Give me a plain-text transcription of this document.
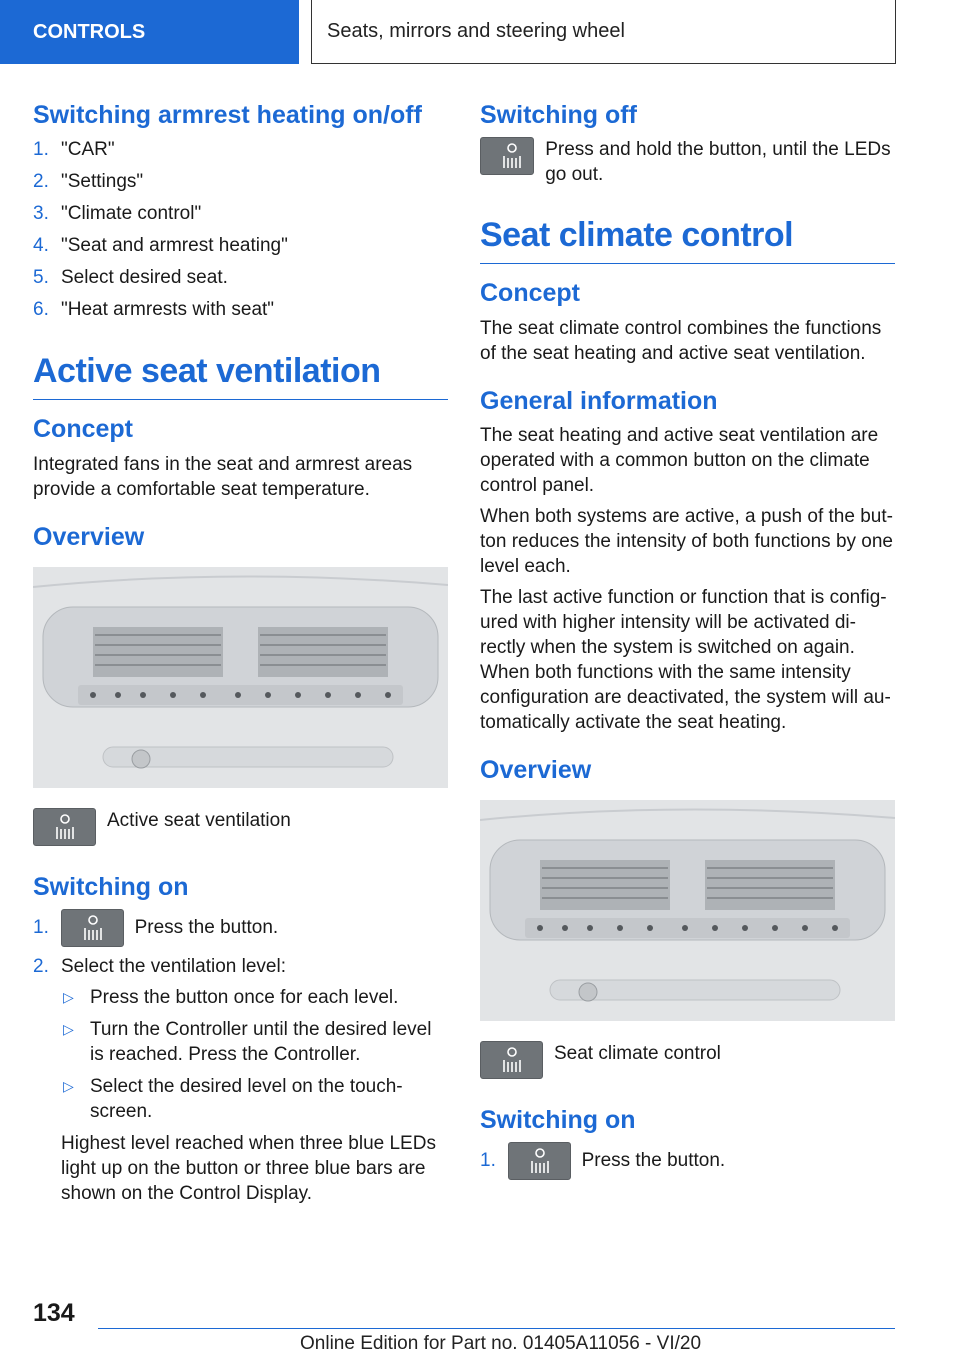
CONTROLS	Seats, mirrors and steering wheel
Switching armrest heating on/off
1. "CAR"
2. "Settings"
3. "Climate control"
4. "Seat and armrest heating"
5. Select desired seat.
6. "Heat armrests with seat"
Active seat ventilation
Concept

Integrated fans in the seat and armrest areas provide a comfortable seat temperature.

Overview
Active seat ventilation
Switching on
1.	Press the button.
2. Select the ventilation level:
▷ Press the button once for each level.
▷ Turn the Controller until the desired level is reached. Press the Controller.
▷ Select the desired level on the touch-screen.
Highest level reached when three blue LEDs light up on the button or three blue bars are shown on the Control Display.
Switching off
Press and hold the button, until the LEDs go out.
Seat climate control
Concept

The seat climate control combines the functions of the seat heating and active seat ventilation.

General information

The seat heating and active seat ventilation are operated with a common button on the climate control panel.

When both systems are active, a push of the but-ton reduces the intensity of both functions by one level each.

The last active function or function that is config-ured with higher intensity will be activated di-rectly when the system is switched on again. When both functions with the same intensity configuration are deactivated, the system will au-tomatically activate the seat heating.

Overview
Seat climate control
Switching on
1.	Press the button.
134
Online Edition for Part no. 01405A11056 - VI/20
